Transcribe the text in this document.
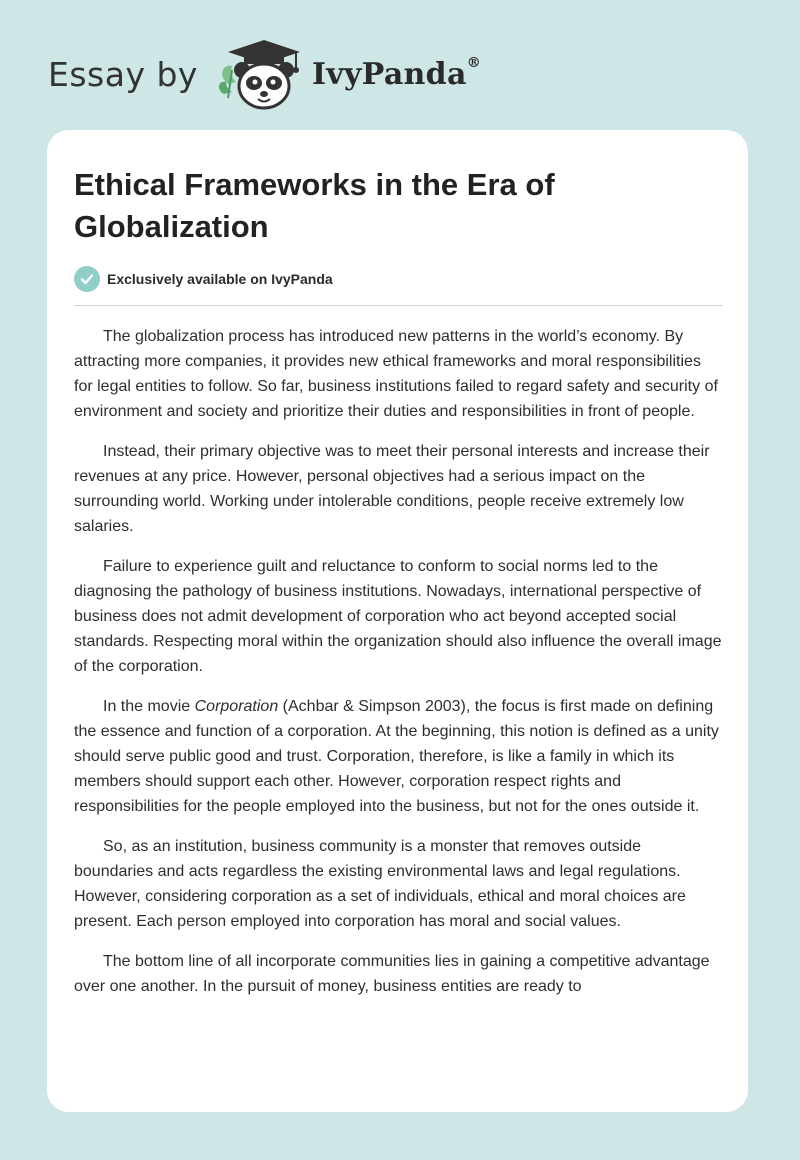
Essay by	IvyPanda®
Ethical Frameworks in the Era of Globalization
Exclusively available on IvyPanda

The globalization process has introduced new patterns in the world’s economy. By attracting more companies, it provides new ethical frameworks and moral responsibilities for legal entities to follow. So far, business institutions failed to regard safety and security of environment and society and prioritize their duties and responsibilities in front of people.

Instead, their primary objective was to meet their personal interests and increase their revenues at any price. However, personal objectives had a serious impact on the surrounding world. Working under intolerable conditions, people receive extremely low salaries.

Failure to experience guilt and reluctance to conform to social norms led to the diagnosing the pathology of business institutions. Nowadays, international perspective of business does not admit development of corporation who act beyond accepted social standards. Respecting moral within the organization should also influence the overall image of the corporation.

In the movie Corporation (Achbar & Simpson 2003), the focus is first made on defining the essence and function of a corporation. At the beginning, this notion is defined as a unity should serve public good and trust. Corporation, therefore, is like a family in which its members should support each other. However, corporation respect rights and responsibilities for the people employed into the business, but not for the ones outside it.

So, as an institution, business community is a monster that removes outside boundaries and acts regardless the existing environmental laws and legal regulations. However, considering corporation as a set of individuals, ethical and moral choices are present. Each person employed into corporation has moral and social values.

The bottom line of all incorporate communities lies in gaining a competitive advantage over one another. In the pursuit of money, business entities are ready to
